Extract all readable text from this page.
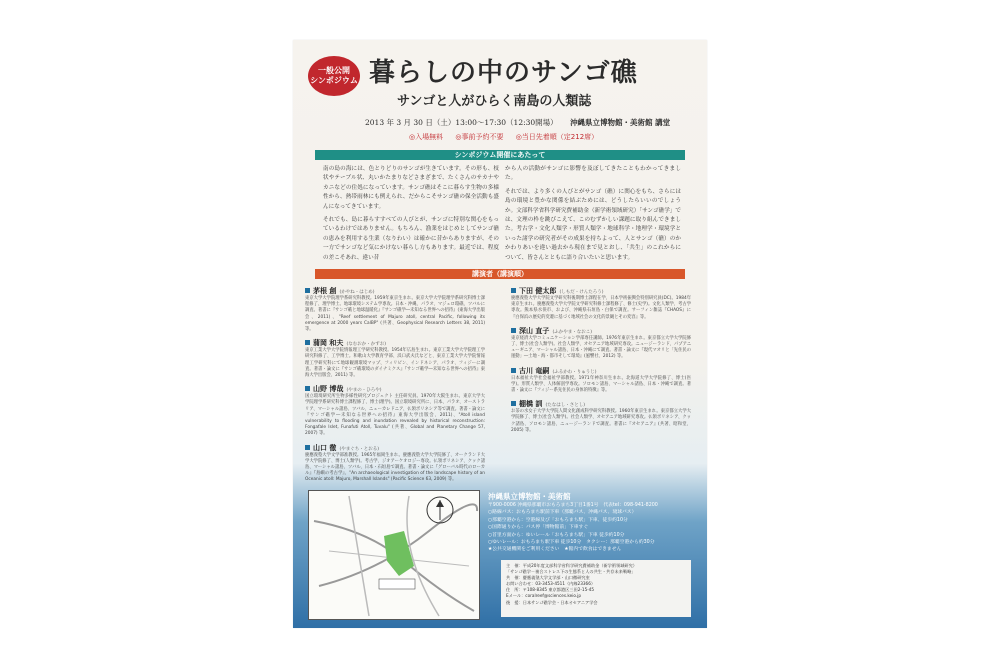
一般公開
シンポジウム 暮らしの中のサンゴ礁
サンゴと人がひらく南島の人類誌
2013 年 3 月 30 日（土）13:00～17:30（12:30開場） 沖縄県立博物館・美術館 講堂
◎入場無料 ◎事前予約不要 ◎当日先着順（定212席）
シンポジウム開催にあたって

南の島の海には、色とりどりのサンゴが生きています。その形も、枝状やテーブル状、丸いかたまりなどさまざまで、たくさんのサカナやカニなどの住処になっています。サンゴ礁はそこに暮らす生物の多様性から、熱帯雨林にも例えられ、だからこそサンゴ礁の保全活動も盛んになってきています。

それでも、島に暮らすすべての人びとが、サンゴに特別な関心をもっているわけではありません。もちろん、漁業をはじめとしてサンゴ礁の恵みを利用する生業（なりわい）は確かに昔からありますが、その一方でサンゴなど気にかけない暮らし方もあります。最近では、程度の差こそあれ、違い昔

から人の活動がサンゴに影響を及ぼしてきたこともわかってきました。

それでは、より多くの人びとがサンゴ（礁）に関心をもち、さらには島の環境と豊かな関係を結ぶためには、どうしたらいいのでしょうか。文部科学省科学研究費補助金（新学術領域研究）「サンゴ礁学」では、文理の枠を跳びこえて、このむずかしい課題に取り組んできました。考古学・文化人類学・形質人類学・地球科学・地理学・環境学といった諸学の研究者がその成果を持ちよって、人とサンゴ（礁）のかかわりあいを違い過去から現在まで見とおし、「共生」のこれからについて、皆さんとともに語り合いたいと思います。

講演者（講演順）
茅根 創 (かやね・はじめ)
東京大学大学院理学系研究科教授。1959年東京生まれ。東京大学大学院理学系研究科博士課程修了、理学博士。地球環境システム学専攻。日本・沖縄、パラオ、マジュロ環礁、ツバルに調査。著書に『サンゴ礁と地球温暖化』『サンゴ礁学―未知なる世界への招待』(東海大学出版会、2011)、"Reef settlement of Majuro atoll, central Pacific, following its emergence at 2000 years CalBP" (共著、Geophysical Research Letters 38, 2011) 等。
蒲岡 和夫 (なむおか・かずお)
東京工業大学大学院情報理工学研究科教授。1954年広島生まれ。東京工業大学大学院理工学研究科修了、工学博士。和歌山大学教育学部、浜口武夫氏などと、東京工業大学大学院情報理工学研究科にて地球観測環境マップ、フィリピン、インドネシア、パラオ、フィジーに調査。著書・論文に『サンゴ礁環境のダイナミクス』『サンゴ礁学―未知なる世界への招待』東海大学出版会、2011) 等。
山野 博哉 (やまの・ひろや)
国立環境研究所生物多様性研究プロジェクト 主任研究員。1970年大阪生まれ。東京大学大学院理学系研究科博士課程修了、博士(理学)。国立環境研究所に、日本、パラオ、オーストラリア、マーシャル諸島、ツバル、ニューカレドニア、仏領ポリネシア等で調査。著書・論文に『サンゴ礁学―未知なる世界への招待』東海大学出版会、2011)、"Atoll island vulnerability to flooding and inundation revealed by historical reconstruction: Fongafale Islet, Funafuti Atoll, Tuvalu" (共著、Global and Planetary Change 57, 2007) 等。
山口 徹 (やまぐち・とおる)
慶應義塾大学文学部准教授。1965年福岡生まれ。慶應義塾大学大学院修了、オークランド大学大学院修了、博士(人類学)。考古学、ジオアーケオロジー専攻。仏領ポリネシア、クック諸島、マーシャル諸島、ツバル、日本・石垣島で調査。著書・論文に『グローバル時代のローカル』『島嶼の考古学』、"An archaeological investigation of the landscape history of an Oceanic atoll: Majuro, Marshall Islands" (Pacific Science 63, 2009) 等。
下田 健太郎 (しもだ・けんたろう)
慶應義塾大学大学院文学研究科後期博士課程在学、日本学術振興会特別研究員(DC)。1984年東京生まれ。慶應義塾大学大学院文学研究科修士課程修了、修士(史学)。文化人類学、考古学専攻。熊本県水俣市、および、沖縄県石垣島・白保で調査。サーフィン雑誌『CHAOS』に『白保浜の歴史的変遷に基づく地域社会の文化的景観とその変容』等。
深山 直子 (ふかやま・なおこ)
東京経済大学コミュニケーション学部専任講師。1976年東京生まれ。東京都立大学大学院修了、博士(社会人類学)。社会人類学、オセアニア地域研究専攻。ニュージーランド、パプアニューギニア、マーシャル諸島、日本・沖縄にて調査。著書・論文に『現代マオリと「先住民の運動」―土地・海・都市そして環境』(風響社、2012) 等。
古川 竜嗣 (ふるかわ・りゅうじ)
日本福祉大学社会福祉学部教授。1971年神奈川生まれ。北海道大学大学院修了、博士(医学)。形質人類学、人体解剖学専攻。ソロモン諸島、マーシャル諸島、日本・沖縄で調査。著書・論文に『フィジー系先住民の身体的特徴』等。
棚橋 訓 (たなはし・さとし)
お茶の水女子大学大学院人間文化創成科学研究科教授。1960年東京生まれ。東京都立大学大学院修了、博士(社会人類学)。社会人類学、オセアニア地域研究専攻。仏領ポリネシア、クック諸島、ソロモン諸島、ニュージーランドで調査。著書に『オセアニア』(共著、昭和堂、2005) 等。
沖縄県立博物館・美術館
〒900-0006 沖縄県那覇市おもろまち3丁目1番1号　代表tel：098-941-8200
○路線バス：おもろまち駅前下車（那覇バス、沖縄バス、琉球バス）
○那覇空港から：空港線及び「おもろまち駅」下車、徒歩約10分
○国際通りから：バス停「博物館前」下車すぐ
○首里方面から：ゆいレール「おもろまち駅」下車 徒歩約10分
○ゆいレール：おもろまち駅下車 徒歩10分　タクシー：那覇空港から約30分
★公共交通機関をご利用ください　★館内で飲食はできません
主　催：平成20年度文部科学省科学研究費補助金（新学術領域研究）
「サンゴ礁学－複合ストレス下の生態系と人の共生・共存未来戦略」
共　催：慶應義塾大学文学部・山口徹研究室
お問い合わせ：03-3453-4511（内線23366）
住　所：〒108-8345 東京都港区三田2-15-45
Eメール：coralreef@sciences.keio.jp
後　援：日本サンゴ礁学会・日本オセアニア学会
